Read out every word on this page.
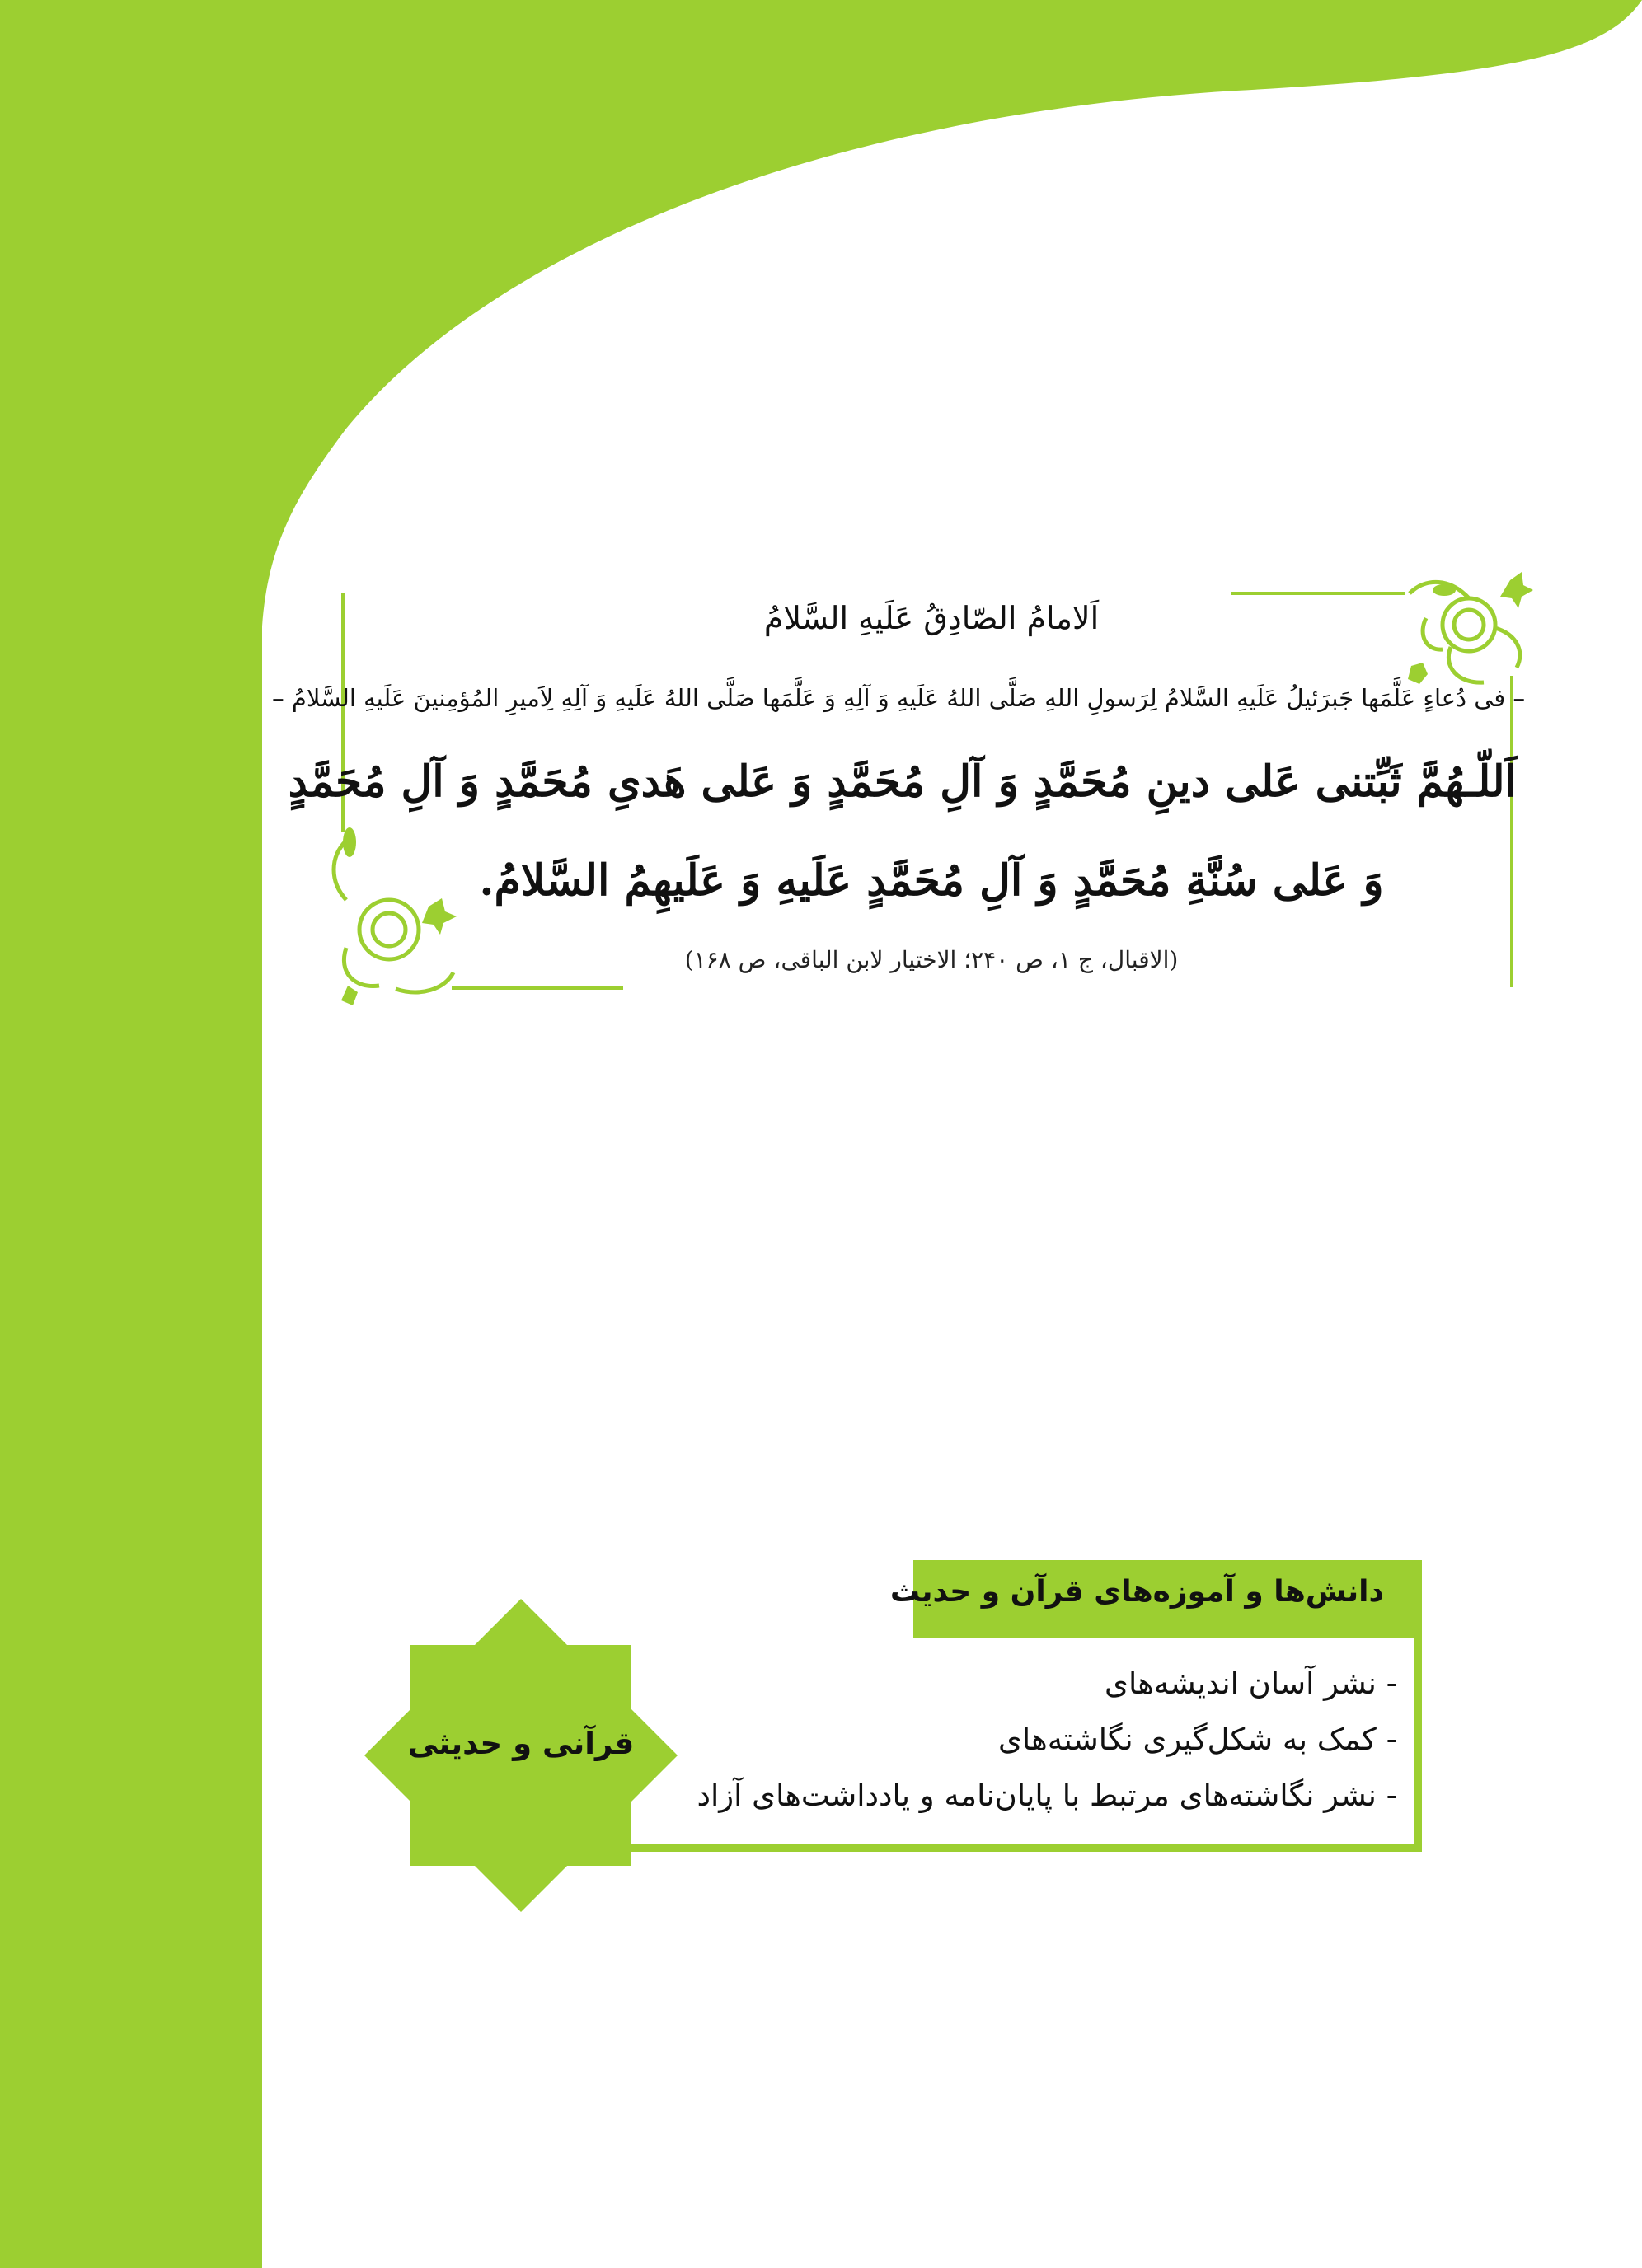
اَلامامُ الصّادِقُ عَلَیهِ السَّلامُ
– فی دُعاءٍ عَلَّمَها جَبرَئیلُ عَلَیهِ السَّلامُ لِرَسولِ اللهِ صَلَّی اللهُ عَلَیهِ وَ آلِهِ وَ عَلَّمَها صَلَّی اللهُ عَلَیهِ وَ آلِهِ لِاَمیرِ المُؤمِنینَ عَلَیهِ السَّلامُ –
اَللّـهُمَّ ثَبِّتنی عَلی دینِ مُحَمَّدٍ وَ آلِ مُحَمَّدٍ وَ عَلی هَدیِ مُحَمَّدٍ وَ آلِ مُحَمَّدٍ
وَ عَلی سُنَّةِ مُحَمَّدٍ وَ آلِ مُحَمَّدٍ عَلَیهِ وَ عَلَیهِمُ السَّلامُ.
(الاقبال، ج ۱، ص ۲۴۰؛ الاختیار لابن الباقی، ص ۱۶۸)
- نشر آسان اندیشه‌های
- کمک به شکل‌گیری نگاشته‌های
- نشر نگاشته‌های مرتبط با پایان‌نامه و یادداشت‌های آزاد
دانش‌ها و آموزه‌های قرآن و حدیث
قرآنی و حدیثی
